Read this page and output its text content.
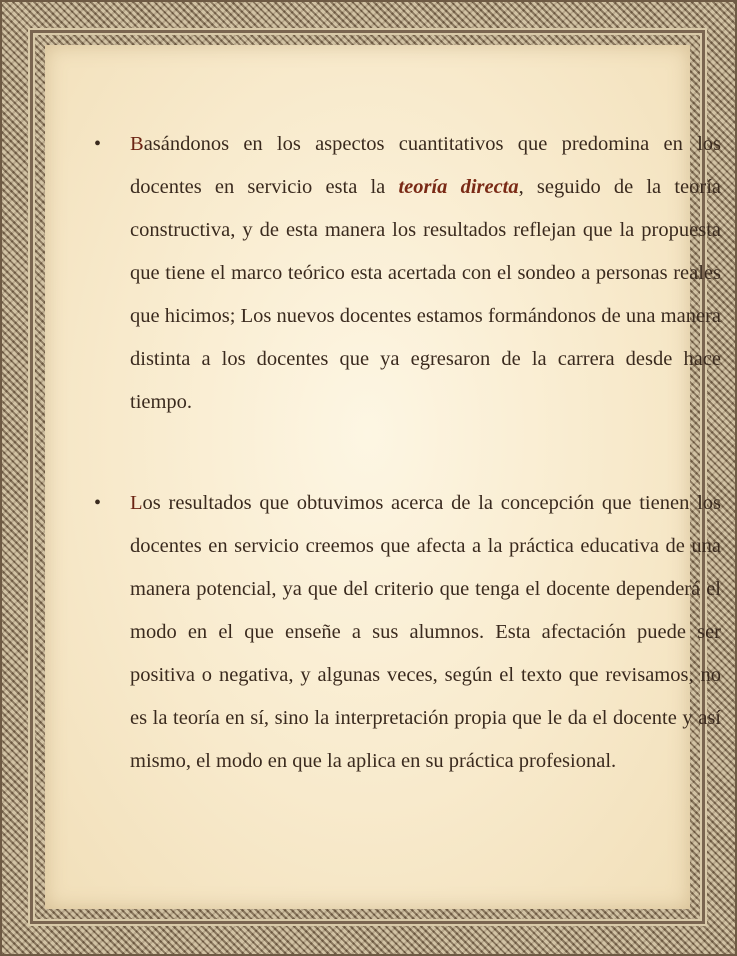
• Basándonos en los aspectos cuantitativos que predomina en los docentes en servicio esta la teoría directa, seguido de la teoría constructiva, y de esta manera los resultados reflejan que la propuesta que tiene el marco teórico esta acertada con el sondeo a personas reales que hicimos; Los nuevos docentes estamos formándonos de una manera distinta a los docentes que ya egresaron de la carrera desde hace tiempo.
• Los resultados que obtuvimos acerca de la concepción que tienen los docentes en servicio creemos que afecta a la práctica educativa de una manera potencial, ya que del criterio que tenga el docente dependerá el modo en el que enseñe a sus alumnos. Esta afectación puede ser positiva o negativa, y algunas veces, según el texto que revisamos, no es la teoría en sí, sino la interpretación propia que le da el docente y así mismo, el modo en que la aplica en su práctica profesional.
